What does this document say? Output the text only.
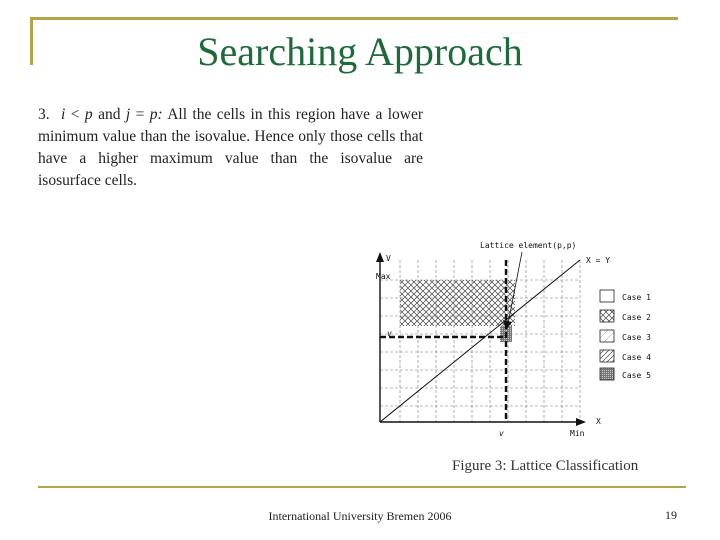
Searching Approach

3. i < p and j = p: All the cells in this region have a lower minimum value than the isovalue. Hence only those cells that have a higher maximum value than the isovalue are isosurface cells.

V
Max
v
X
Min
v
X = Y
Lattice element(p,p)
Case 1
Case 2
Case 3
Case 4
Case 5
Figure 3: Lattice Classification
International University Bremen 2006	19
